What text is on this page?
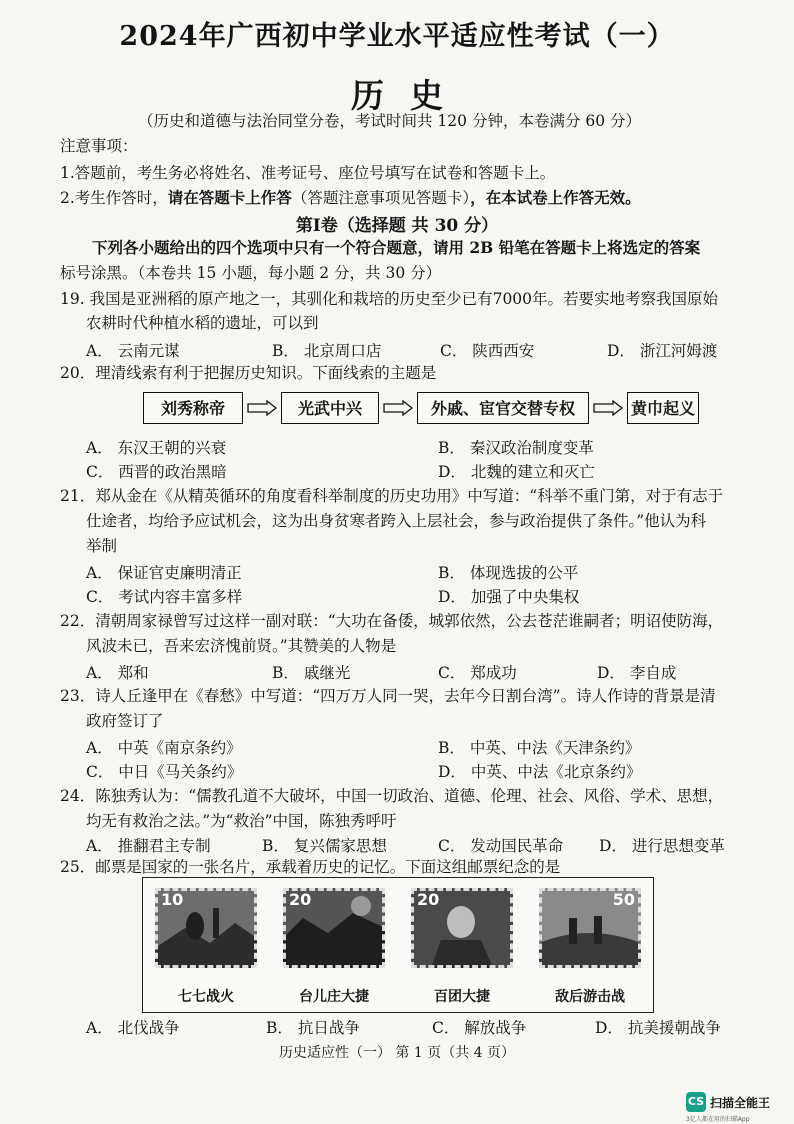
2024年广西初中学业水平适应性考试（一）
历史
（历史和道德与法治同堂分卷，考试时间共 120 分钟，本卷满分 60 分）
注意事项：
1.答题前，考生务必将姓名、准考证号、座位号填写在试卷和答题卡上。
2.考生作答时，请在答题卡上作答（答题注意事项见答题卡），在本试卷上作答无效。
第Ⅰ卷（选择题 共 30 分）
下列各小题给出的四个选项中只有一个符合题意，请用 2B 铅笔在答题卡上将选定的答案
标号涂黑。（本卷共 15 小题，每小题 2 分，共 30 分）
19. 我国是亚洲稻的原产地之一，其驯化和栽培的历史至少已有7000年。若要实地考察我国原始
农耕时代种植水稻的遗址，可以到
A． 云南元谋	B． 北京周口店	C． 陕西西安	D． 浙江河姆渡
20．理清线索有利于把握历史知识。下面线索的主题是
刘秀称帝	光武中兴	外戚、宦官交替专权	黄巾起义
A． 东汉王朝的兴衰	B． 秦汉政治制度变革
C． 西晋的政治黑暗	D． 北魏的建立和灭亡
21．郑从金在《从精英循环的角度看科举制度的历史功用》中写道：“科举不重门第，对于有志于
仕途者，均给予应试机会，这为出身贫寒者跨入上层社会，参与政治提供了条件。”他认为科
举制
A． 保证官吏廉明清正	B． 体现选拔的公平
C． 考试内容丰富多样	D． 加强了中央集权
22．清朝周家禄曾写过这样一副对联：“大功在备倭，城郭依然，公去苍茫谁嗣者；明诏使防海，
风波未已，吾来宏济愧前贤。”其赞美的人物是
A． 郑和	B． 戚继光	C． 郑成功	D． 李自成
23．诗人丘逢甲在《春愁》中写道：“四万万人同一哭，去年今日割台湾”。诗人作诗的背景是清
政府签订了
A． 中英《南京条约》	B． 中英、中法《天津条约》
C． 中日《马关条约》	D． 中英、中法《北京条约》
24．陈独秀认为：“儒教孔道不大破坏，中国一切政治、道德、伦理、社会、风俗、学术、思想，
均无有救治之法。”为“救治”中国，陈独秀呼吁
A． 推翻君主专制	B． 复兴儒家思想	C． 发动国民革命 D． 进行思想变革
25．邮票是国家的一张名片，承载着历史的记忆。下面这组邮票纪念的是
10	20	20	50
七七战火	台儿庄大捷	百团大捷	敌后游击战
A． 北伐战争	B． 抗日战争	C． 解放战争	D． 抗美援朝战争
历史适应性（一） 第 1 页（共 4 页）
CS 扫描全能王
3亿人都在用的扫描App
